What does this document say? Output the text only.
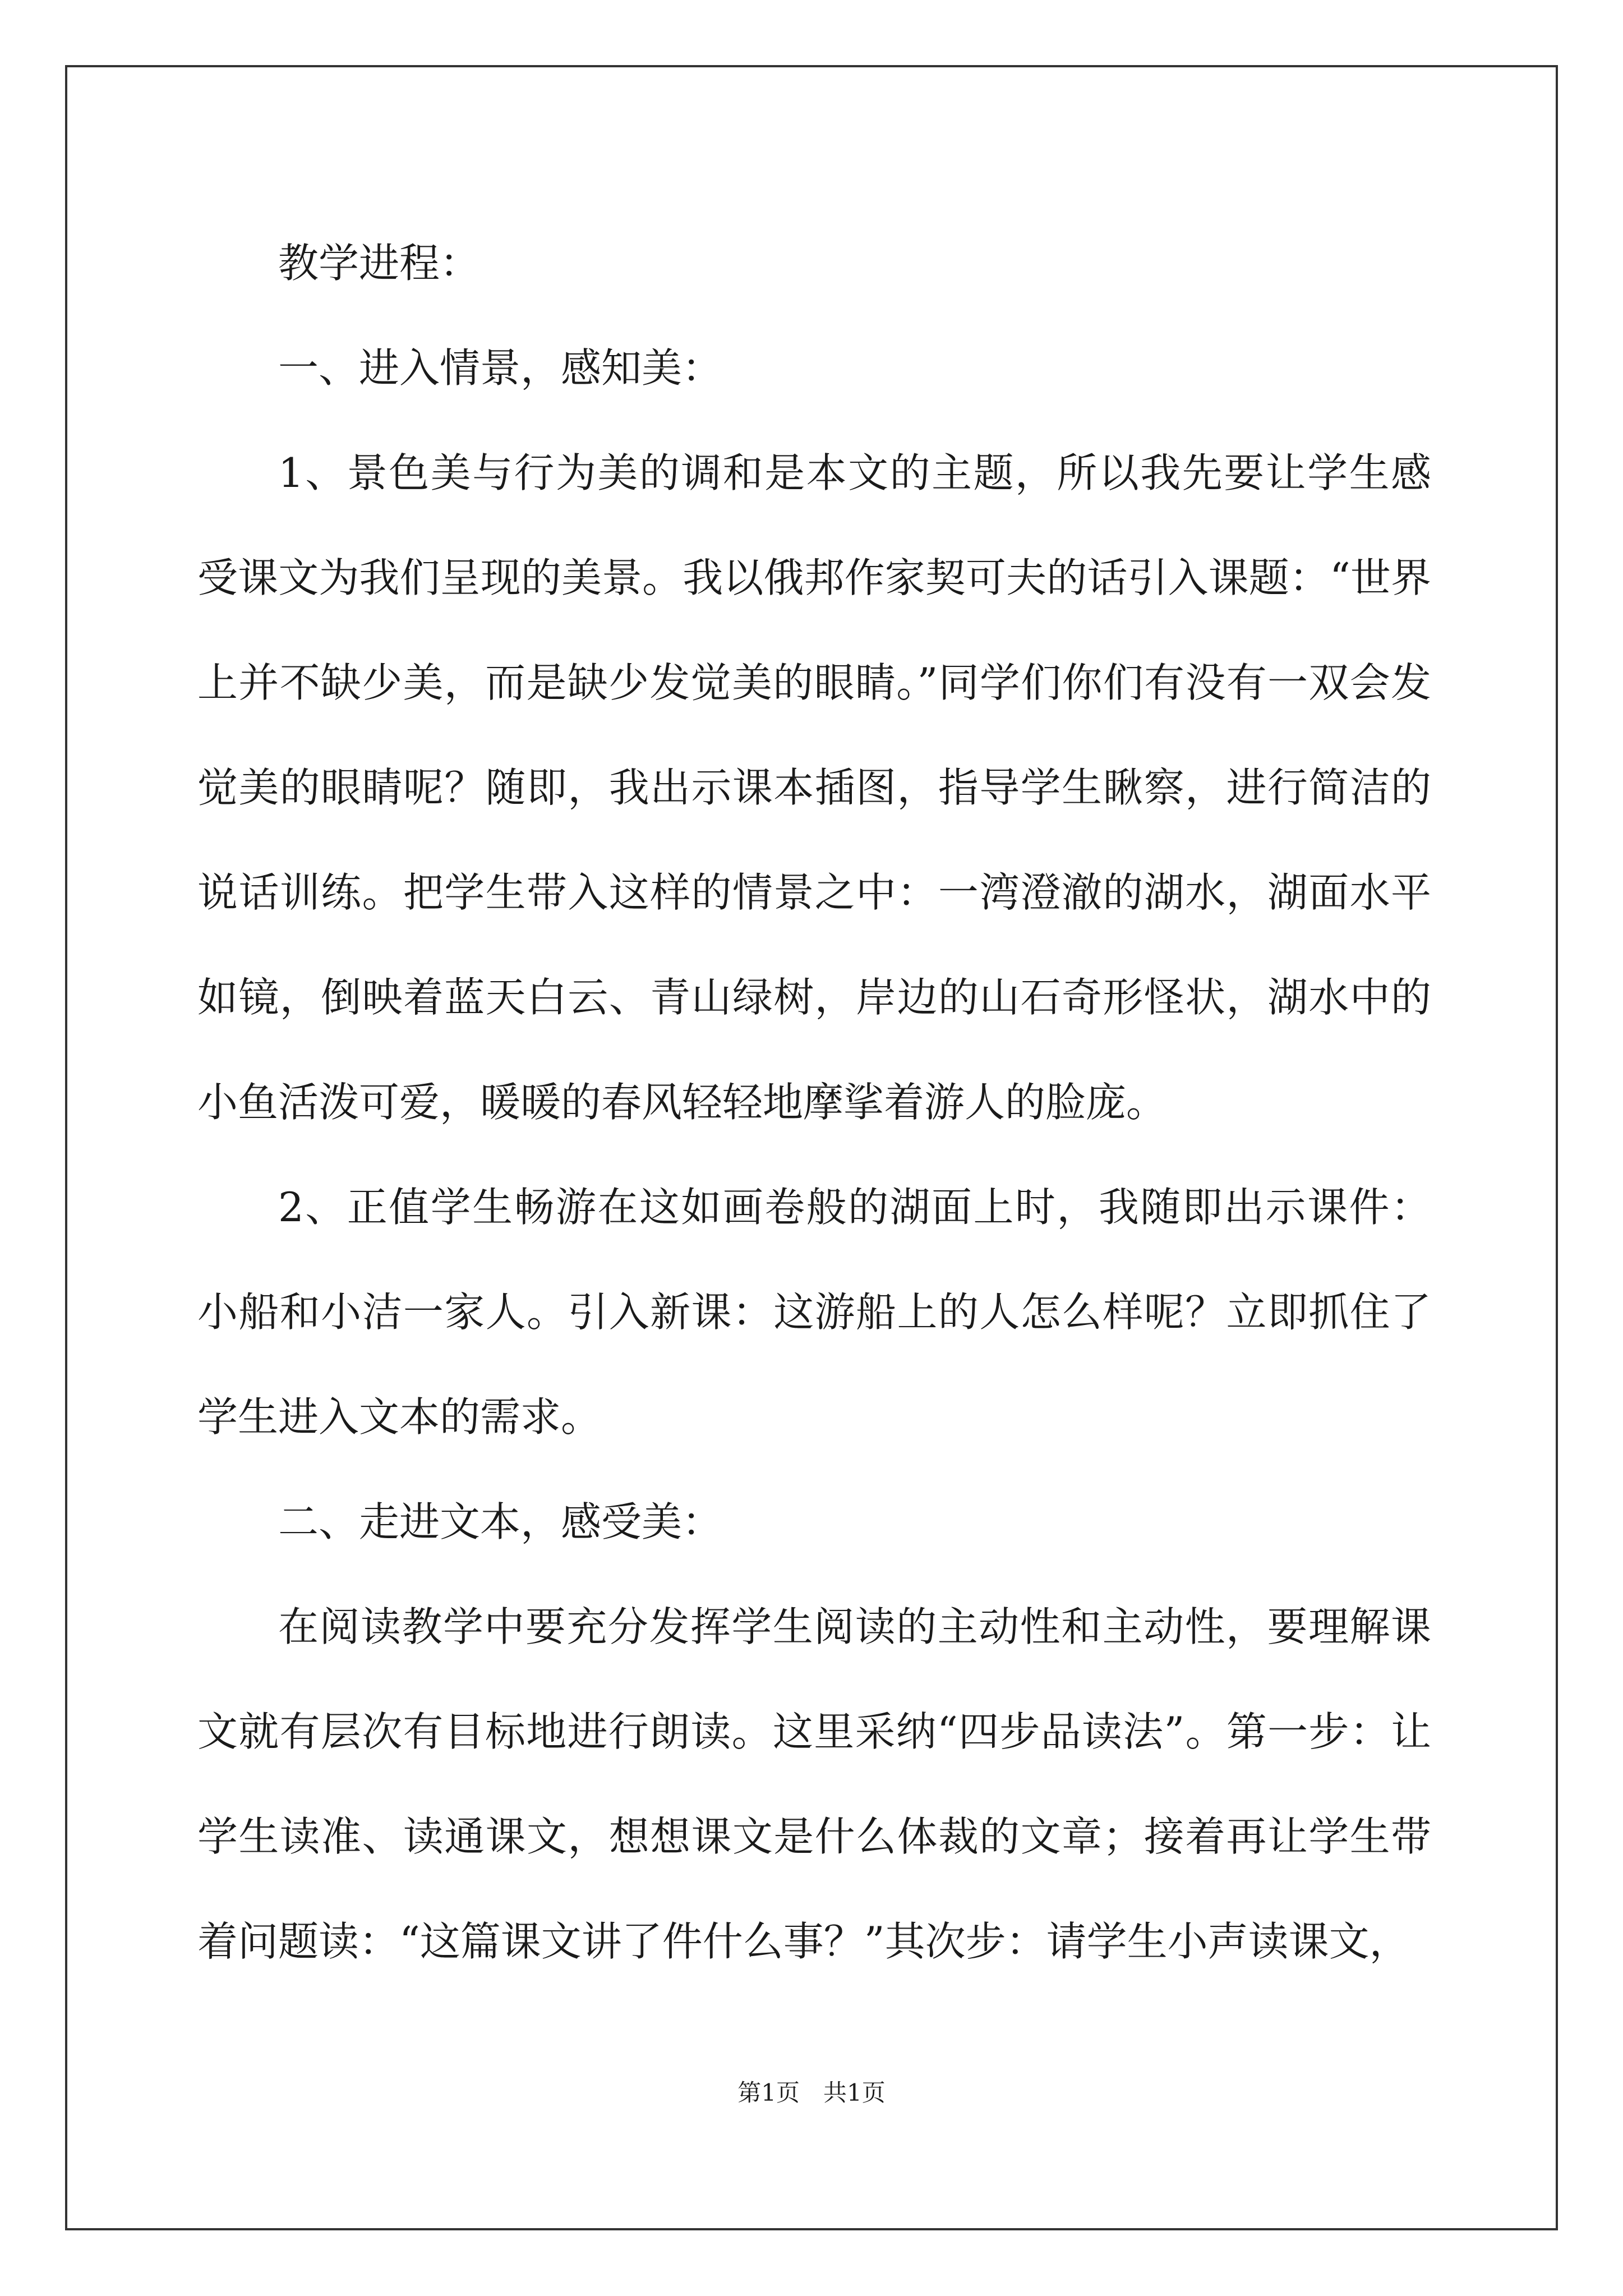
教学进程：

一、进入情景，感知美：

1、景色美与行为美的调和是本文的主题，所以我先要让学生感受课文为我们呈现的美景。我以俄邦作家契可夫的话引入课题：“世界上并不缺少美，而是缺少发觉美的眼睛。”同学们你们有没有一双会发觉美的眼睛呢？随即，我出示课本插图，指导学生瞅察，进行简洁的说话训练。把学生带入这样的情景之中：一湾澄澈的湖水，湖面水平如镜，倒映着蓝天白云、青山绿树，岸边的山石奇形怪状，湖水中的小鱼活泼可爱，暖暖的春风轻轻地摩挲着游人的脸庞。

2、正值学生畅游在这如画卷般的湖面上时，我随即出示课件：小船和小洁一家人。引入新课：这游船上的人怎么样呢？立即抓住了学生进入文本的需求。

二、走进文本，感受美：

在阅读教学中要充分发挥学生阅读的主动性和主动性，要理解课文就有层次有目标地进行朗读。这里采纳“四步品读法”。第一步：让学生读准、读通课文，想想课文是什么体裁的文章；接着再让学生带着问题读：“这篇课文讲了件什么事？”其次步：请学生小声读课文，

第1页　共1页
